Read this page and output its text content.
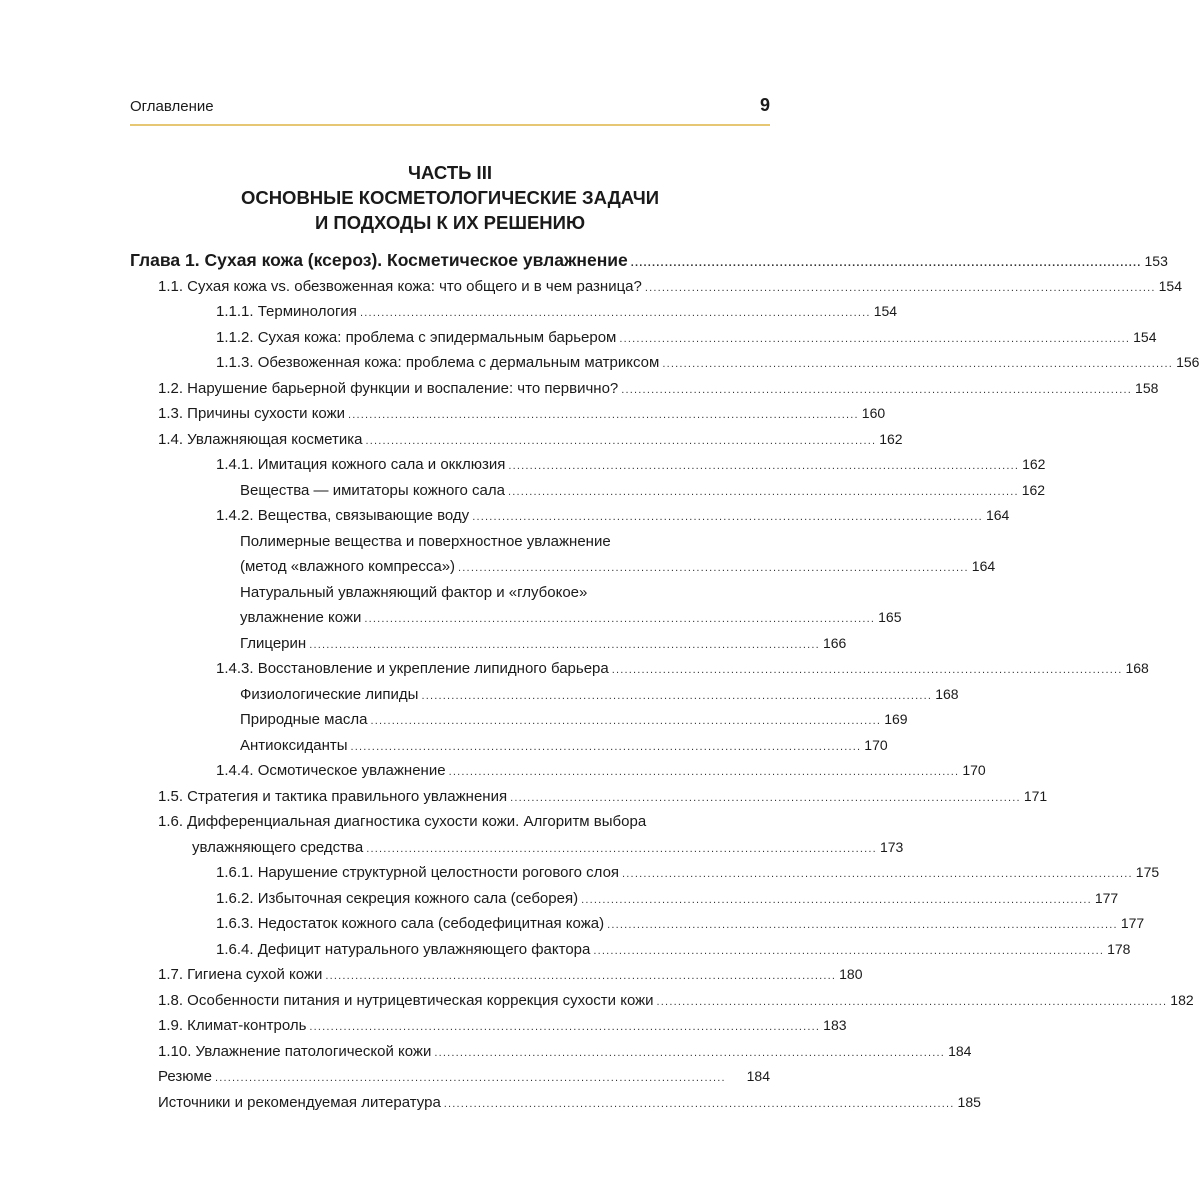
Оглавление	9
ЧАСТЬ III
ОСНОВНЫЕ КОСМЕТОЛОГИЧЕСКИЕ ЗАДАЧИ
И ПОДХОДЫ К ИХ РЕШЕНИЮ
Глава 1. Сухая кожа (ксероз). Косметическое увлажнение ........................................................................................................................ 153
1.1. Сухая кожа vs. обезвоженная кожа: что общего и в чем разница? ........................................................................................................................ 154
1.1.1. Терминология ........................................................................................................................ 154
1.1.2. Сухая кожа: проблема с эпидермальным барьером ........................................................................................................................ 154
1.1.3. Обезвоженная кожа: проблема с дермальным матриксом ........................................................................................................................ 156
1.2. Нарушение барьерной функции и воспаление: что первично? ........................................................................................................................ 158
1.3. Причины сухости кожи ........................................................................................................................ 160
1.4. Увлажняющая косметика ........................................................................................................................ 162
1.4.1. Имитация кожного сала и окклюзия ........................................................................................................................ 162
Вещества — имитаторы кожного сала ........................................................................................................................ 162
1.4.2. Вещества, связывающие воду ........................................................................................................................ 164
Полимерные вещества и поверхностное увлажнение
(метод «влажного компресса») ........................................................................................................................ 164
Натуральный увлажняющий фактор и «глубокое»
увлажнение кожи ........................................................................................................................ 165
Глицерин ........................................................................................................................ 166
1.4.3. Восстановление и укрепление липидного барьера ........................................................................................................................ 168
Физиологические липиды ........................................................................................................................ 168
Природные масла ........................................................................................................................ 169
Антиоксиданты ........................................................................................................................ 170
1.4.4. Осмотическое увлажнение ........................................................................................................................ 170
1.5. Стратегия и тактика правильного увлажнения ........................................................................................................................ 171
1.6. Дифференциальная диагностика сухости кожи. Алгоритм выбора
увлажняющего средства ........................................................................................................................ 173
1.6.1. Нарушение структурной целостности рогового слоя ........................................................................................................................ 175
1.6.2. Избыточная секреция кожного сала (себорея) ........................................................................................................................ 177
1.6.3. Недостаток кожного сала (себодефицитная кожа) ........................................................................................................................ 177
1.6.4. Дефицит натурального увлажняющего фактора ........................................................................................................................ 178
1.7. Гигиена сухой кожи ........................................................................................................................ 180
1.8. Особенности питания и нутрицевтическая коррекция сухости кожи ........................................................................................................................ 182
1.9. Климат-контроль ........................................................................................................................ 183
1.10. Увлажнение патологической кожи ........................................................................................................................ 184
Резюме ........................................................................................................................	184
Источники и рекомендуемая литература ........................................................................................................................ 185
